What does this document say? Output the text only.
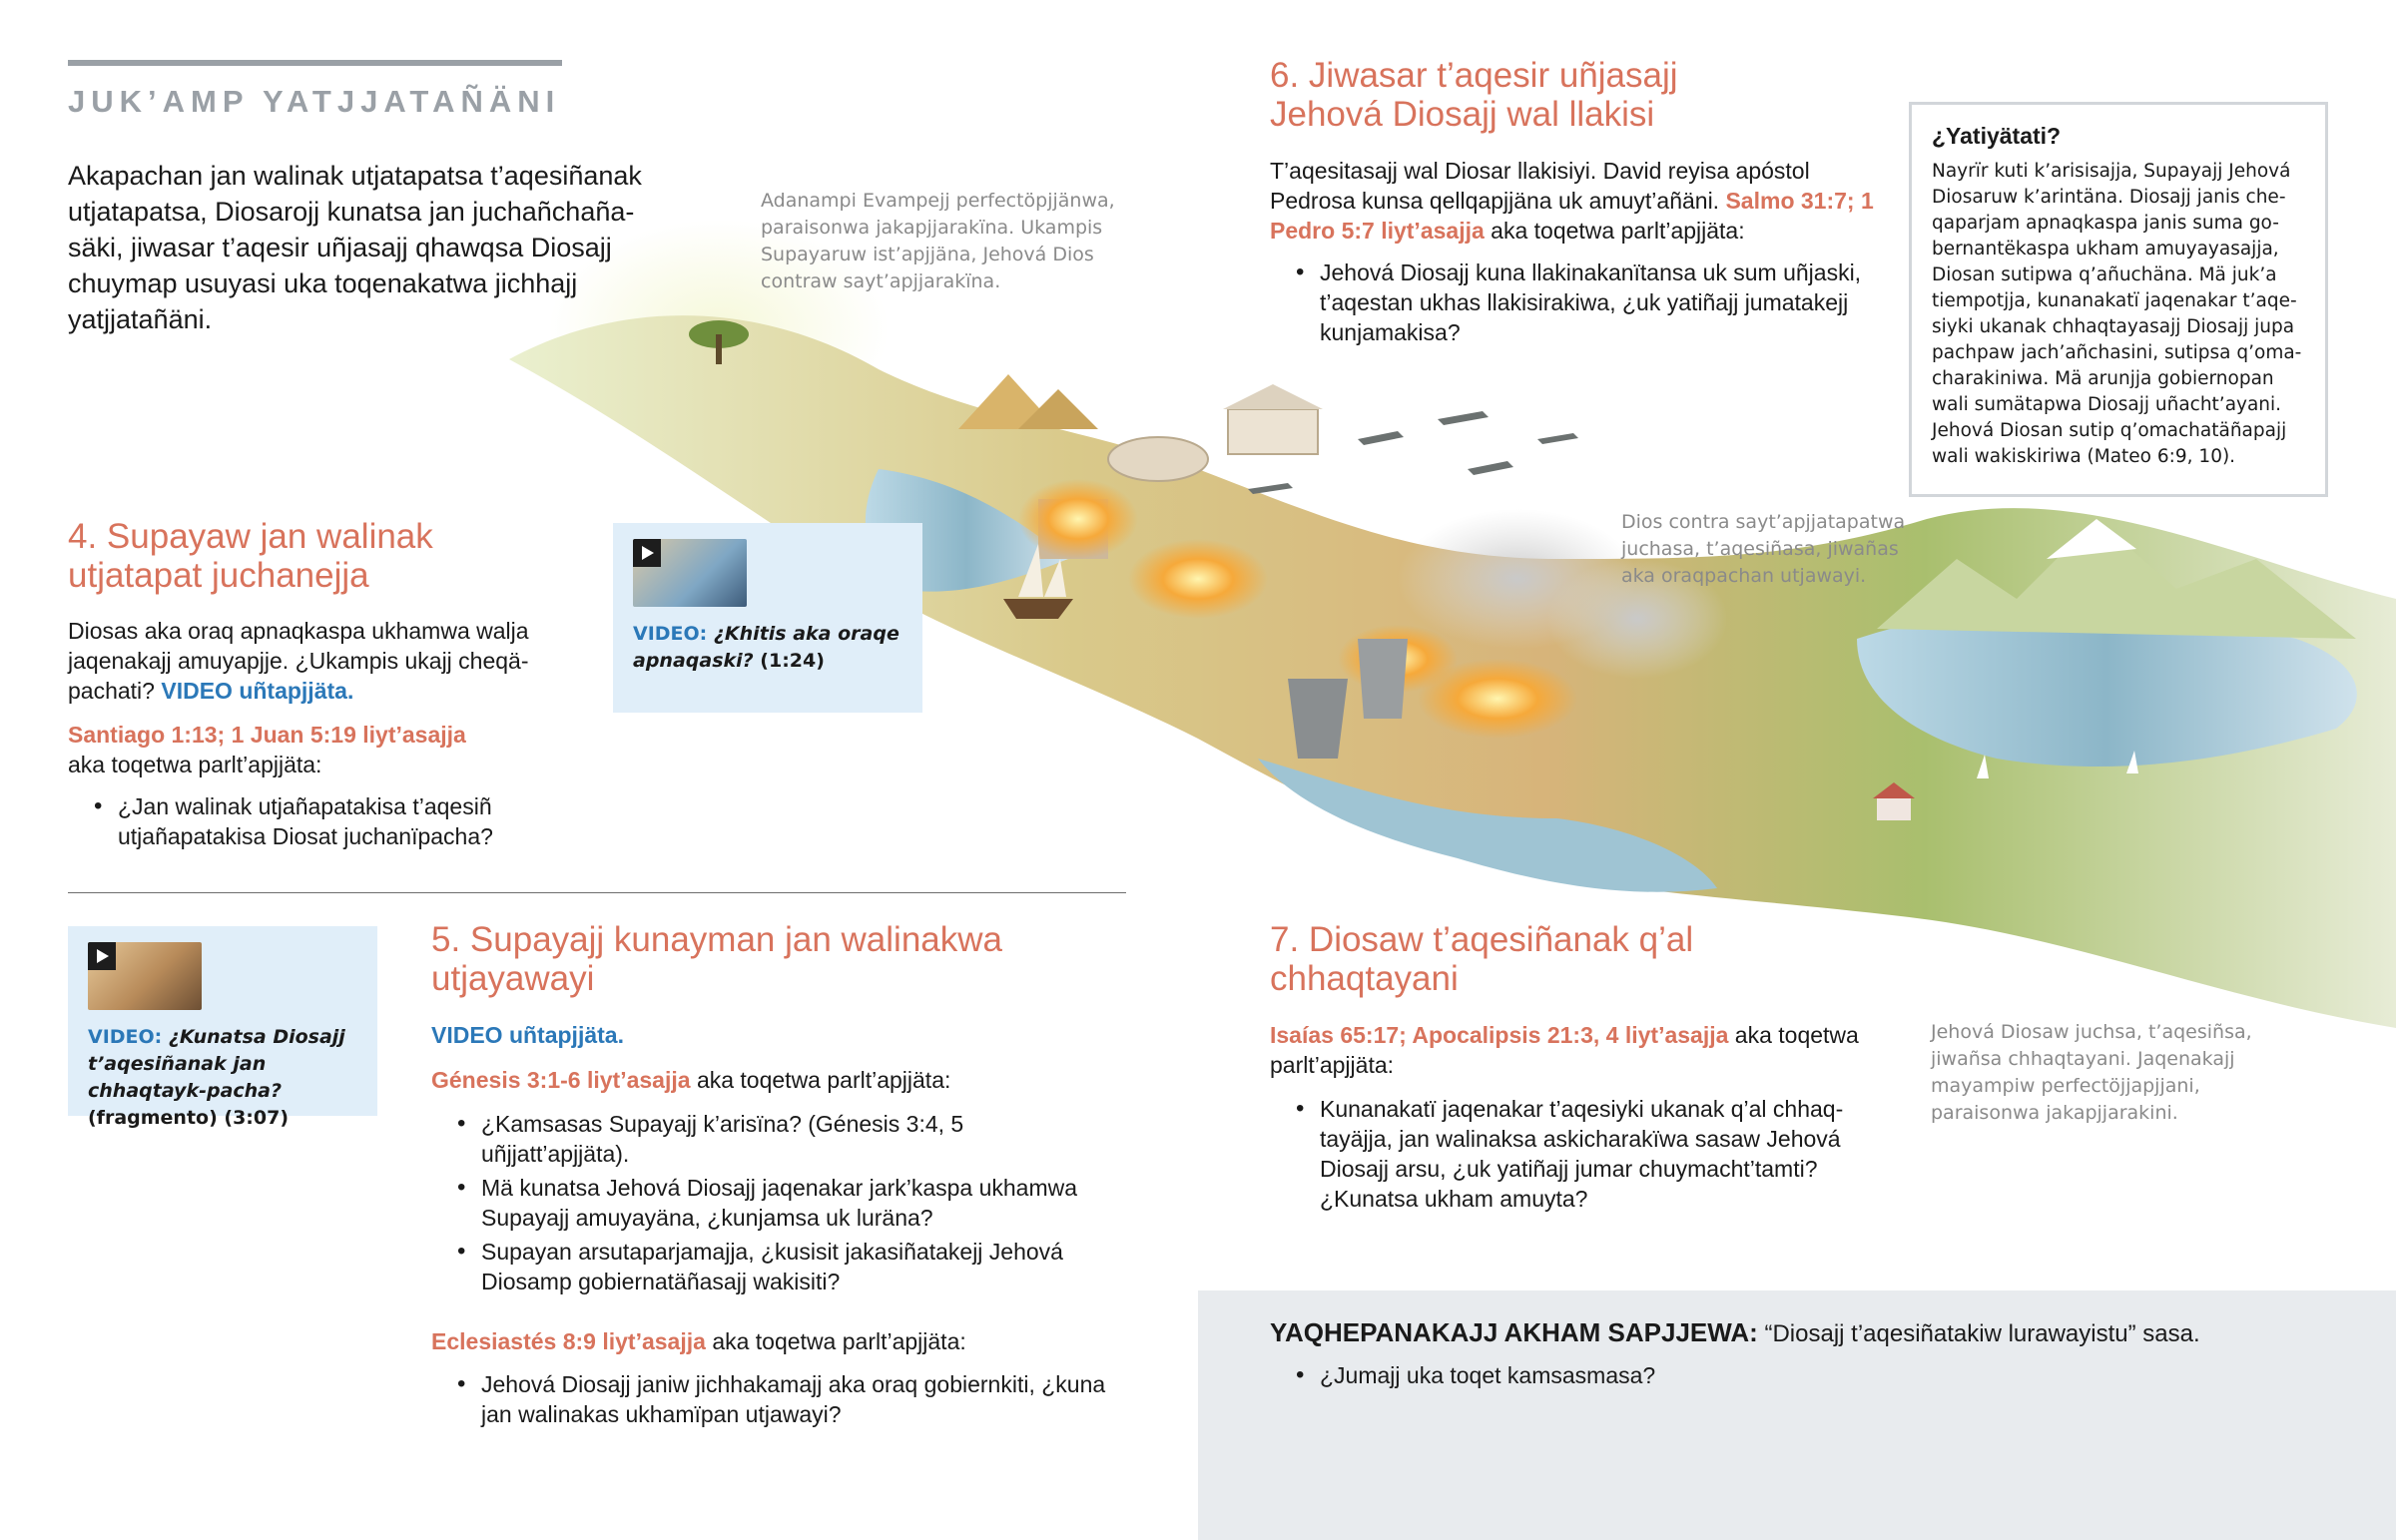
JUK’AMP YATJJATAÑÄNI
Akapachan jan walinak utjatapatsa t’aqesiñanak utjatapatsa, Diosarojj kunatsa jan juchañchaña-säki, jiwasar t’aqesir uñjasajj qhawqsa Diosajj chuymap usuyasi uka toqenakatwa jichhajj yatjjatañäni.
Adanampi Evampejj perfectöpjjänwa, paraisonwa jakapjjarakïna. Ukampis Supayaruw ist’apjjäna, Jehová Dios contraw sayt’apjjarakïna.
4. Supayaw jan walinak utjatapat juchanejja
Diosas aka oraq apnaqkaspa ukhamwa walja jaqenakajj amuyapjje. ¿Ukampis ukajj cheqä-pachati? VIDEO uñtapjjäta.
Santiago 1:13; 1 Juan 5:19 liyt’asajja
aka toqetwa parlt’apjjäta:
• ¿Jan walinak utjañapatakisa t’aqesiñ utjañapatakisa Diosat juchanïpacha?
VIDEO: ¿Khitis aka oraqe apnaqaski? (1:24)
VIDEO: ¿Kunatsa Diosajj t’aqesiñanak jan chhaqtayk-pacha? (fragmento) (3:07)
5. Supayajj kunayman jan walinakwa utjayawayi
VIDEO uñtapjjäta.
Génesis 3:1-6 liyt’asajja aka toqetwa parlt’apjjäta:
• ¿Kamsasas Supayajj k’arisïna? (Génesis 3:4, 5 uñjjatt’apjjäta).
• Mä kunatsa Jehová Diosajj jaqenakar jark’kaspa ukhamwa Supayajj amuyayäna, ¿kunjamsa uk luräna?
• Supayan arsutaparjamajja, ¿kusisit jakasiñatakejj Jehová Diosamp gobiernatäñasajj wakisiti?
Eclesiastés 8:9 liyt’asajja aka toqetwa parlt’apjjäta:
• Jehová Diosajj janiw jichhakamajj aka oraq gobiernkiti, ¿kuna jan walinakas ukhamïpan utjawayi?
6. Jiwasar t’aqesir uñjasajj Jehová Diosajj wal llakisi
T’aqesitasajj wal Diosar llakisiyi. David reyisa apóstol Pedrosa kunsa qellqapjjäna uk amuyt’añäni. Salmo 31:7; 1 Pedro 5:7 liyt’asajja aka toqetwa parlt’apjjäta:
• Jehová Diosajj kuna llakinakanïtansa uk sum uñjaski, t’aqestan ukhas llakisirakiwa, ¿uk yatiñajj jumatakejj kunjamakisa?
¿Yatiyätati?
Nayrïr kuti k’arisisajja, Supayajj Jehová Diosaruw k’arintäna. Diosajj janis che-qaparjam apnaqkaspa janis suma go-bernantëkaspa ukham amuyayasajja, Diosan sutipwa q’añuchäna. Mä juk’a tiempotjja, kunanakatï jaqenakar t’aqe-siyki ukanak chhaqtayasajj Diosajj jupa pachpaw jach’añchasini, sutipsa q’oma-charakiniwa. Mä arunjja gobiernopan wali sumätapwa Diosajj uñacht’ayani. Jehová Diosan sutip q’omachatäñapajj wali wakiskiriwa (Mateo 6:9, 10).
Dios contra sayt’apjjatapatwa juchasa, t’aqesiñasa, jiwañas aka oraqpachan utjawayi.
7. Diosaw t’aqesiñanak q’al chhaqtayani
Isaías 65:17; Apocalipsis 21:3, 4 liyt’asajja aka toqetwa parlt’apjjäta:
• Kunanakatï jaqenakar t’aqesiyki ukanak q’al chhaq-tayäjja, jan walinaksa askicharakïwa sasaw Jehová Diosajj arsu, ¿uk yatiñajj jumar chuymacht’tamti? ¿Kunatsa ukham amuyta?
Jehová Diosaw juchsa, t’aqesiñsa, jiwañsa chhaqtayani. Jaqenakajj mayampiw perfectöjjapjjani, paraisonwa jakapjjarakini.
YAQHEPANAKAJJ AKHAM SAPJJEWA: “Diosajj t’aqesiñatakiw lurawayistu” sasa.
• ¿Jumajj uka toqet kamsasmasa?
